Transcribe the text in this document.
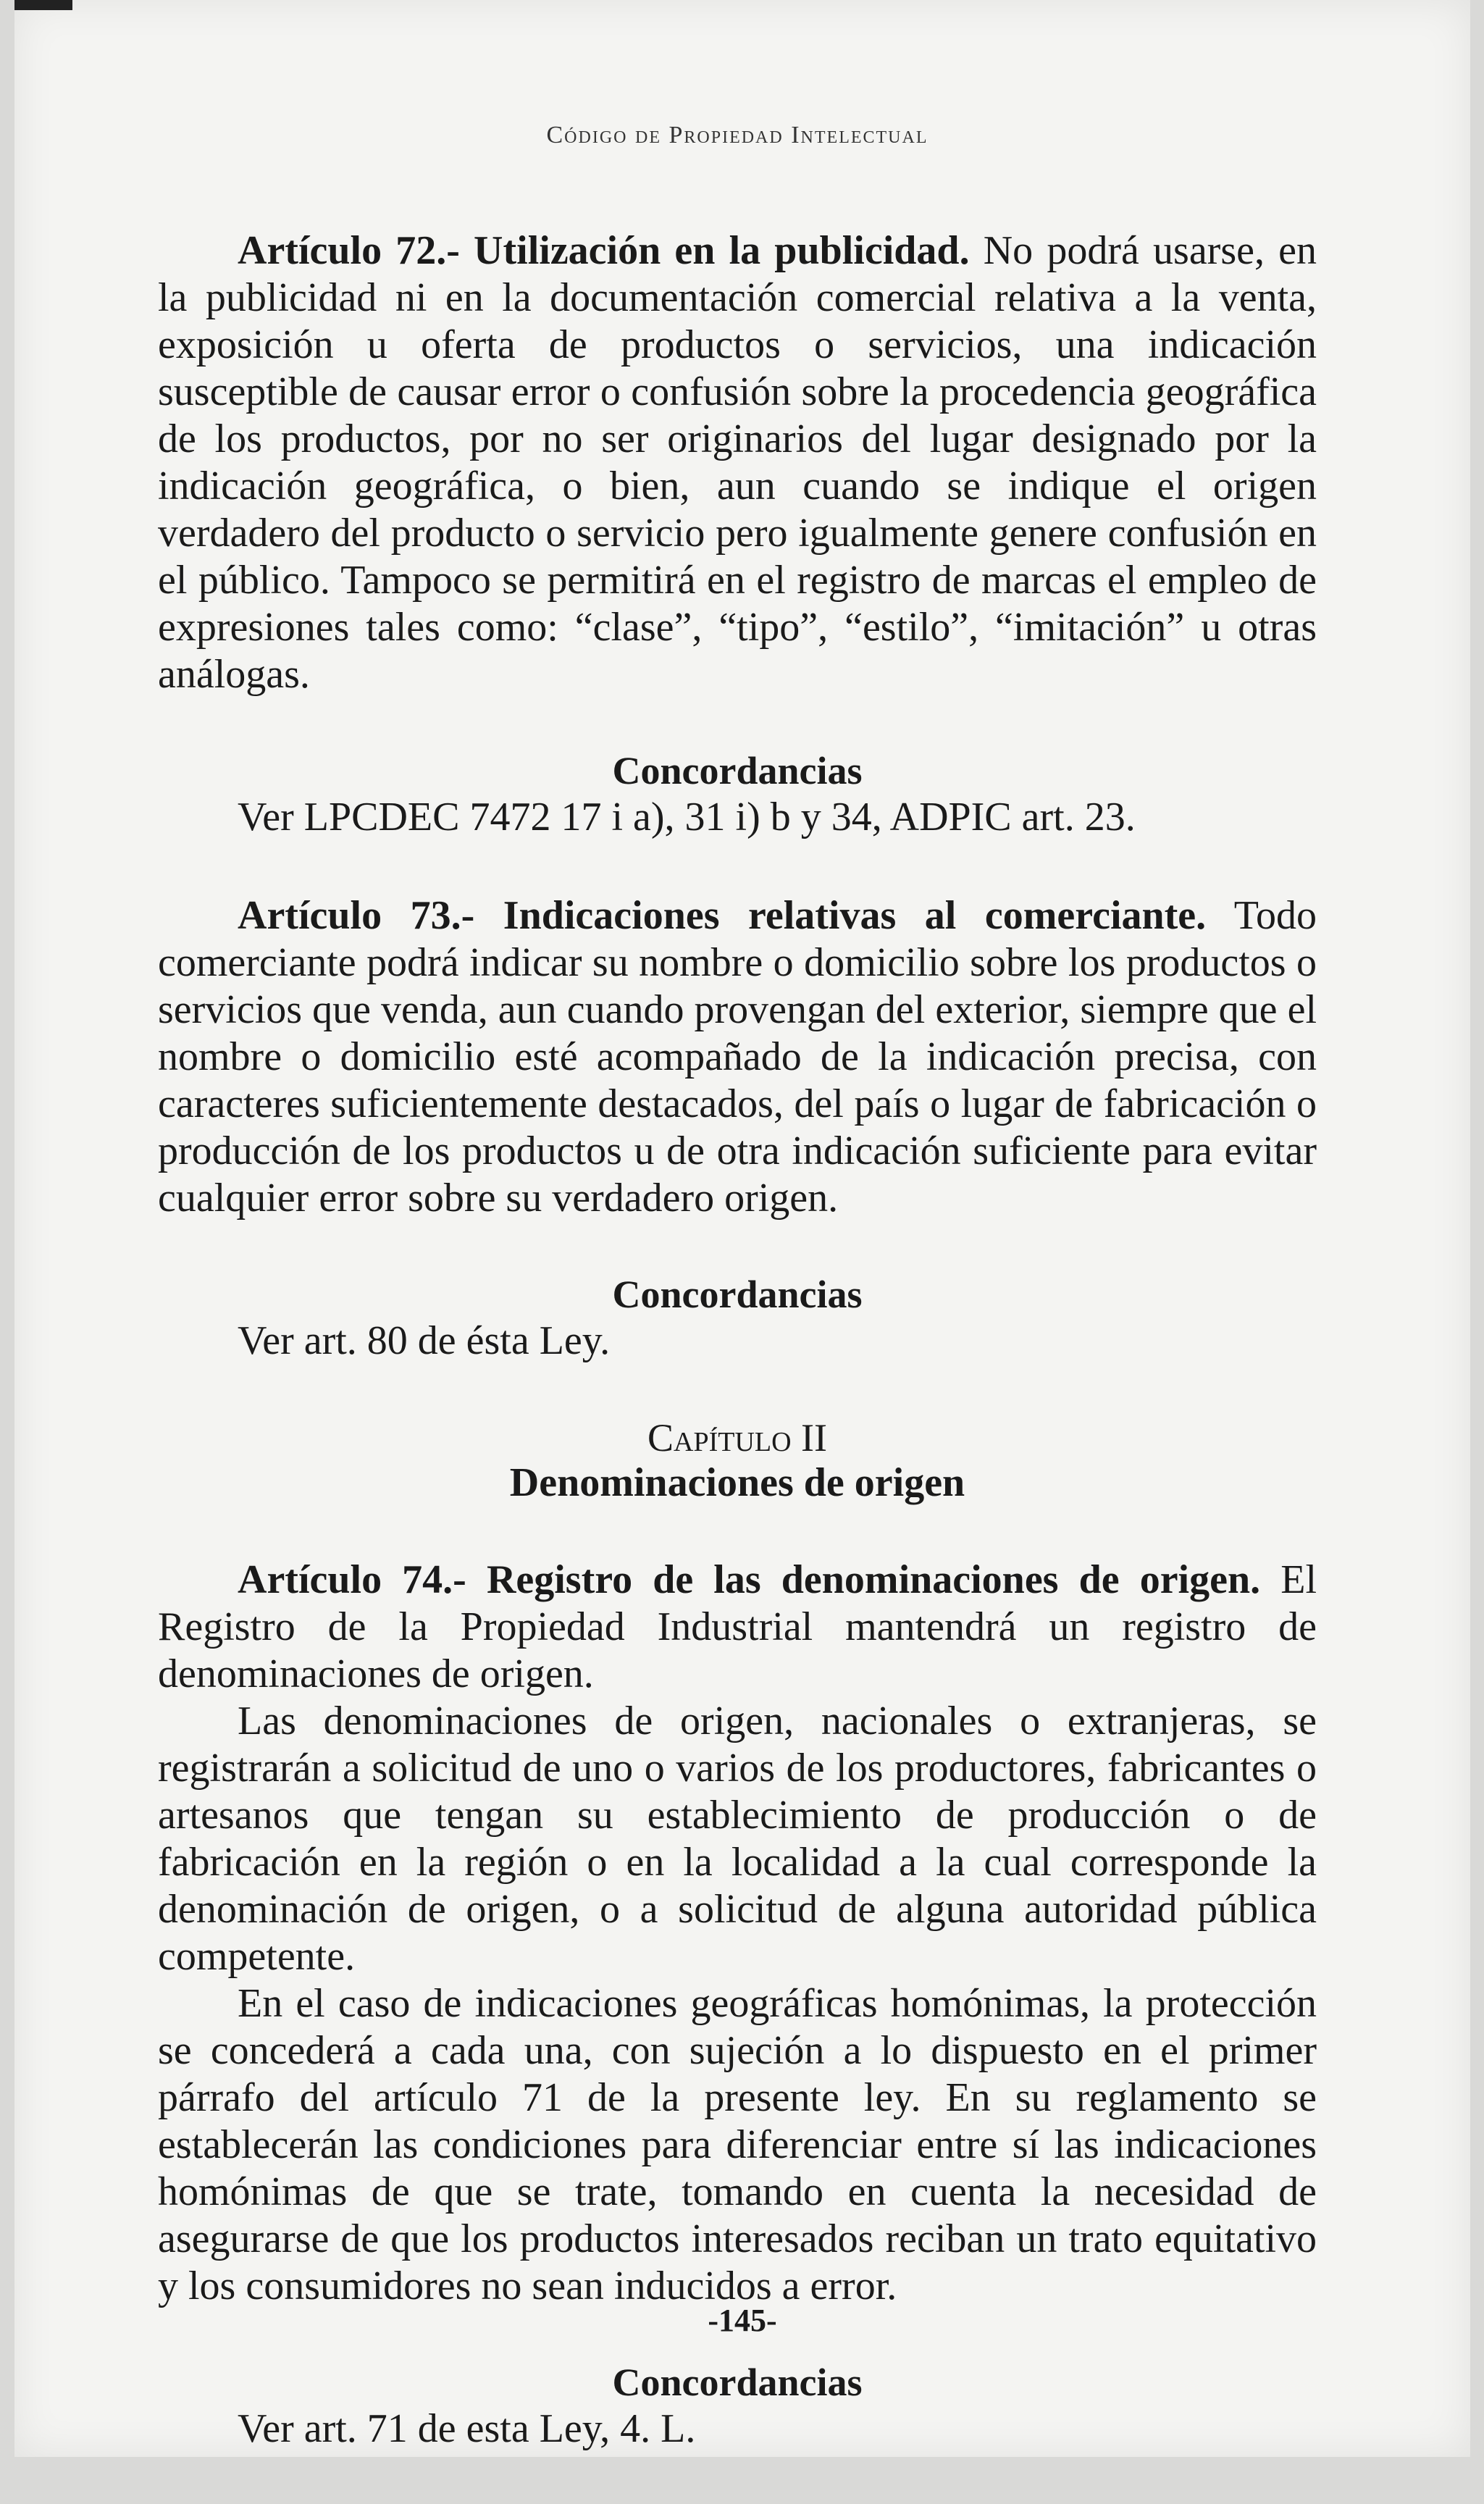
Código de Propiedad Intelectual

Artículo 72.- Utilización en la publicidad. No podrá usarse, en la publicidad ni en la documentación comercial relativa a la venta, exposición u oferta de productos o servicios, una indicación susceptible de causar error o confusión sobre la procedencia geográfica de los productos, por no ser originarios del lugar designado por la indicación geográfica, o bien, aun cuando se indique el origen verdadero del producto o servicio pero igualmente genere confusión en el público. Tampoco se permitirá en el registro de marcas el empleo de expresiones tales como: “clase”, “tipo”, “estilo”, “imitación” u otras análogas.

Concordancias
Ver LPCDEC 7472 17 i a), 31 i) b y 34, ADPIC art. 23.

Artículo 73.- Indicaciones relativas al comerciante. Todo comerciante podrá indicar su nombre o domicilio sobre los productos o servicios que venda, aun cuando provengan del exterior, siempre que el nombre o domicilio esté acompañado de la indicación precisa, con caracteres suficientemente destacados, del país o lugar de fabricación o producción de los productos u de otra indicación suficiente para evitar cualquier error sobre su verdadero origen.

Concordancias
Ver art. 80 de ésta Ley.
Capítulo II
Denominaciones de origen

Artículo 74.- Registro de las denominaciones de origen. El Registro de la Propiedad Industrial mantendrá un registro de denominaciones de origen.

Las denominaciones de origen, nacionales o extranjeras, se registrarán a solicitud de uno o varios de los productores, fabricantes o artesanos que tengan su establecimiento de producción o de fabricación en la región o en la localidad a la cual corresponde la denominación de origen, o a solicitud de alguna autoridad pública competente.

En el caso de indicaciones geográficas homónimas, la protección se concederá a cada una, con sujeción a lo dispuesto en el primer párrafo del artículo 71 de la presente ley. En su reglamento se establecerán las condiciones para diferenciar entre sí las indicaciones homónimas de que se trate, tomando en cuenta la necesidad de asegurarse de que los productos interesados reciban un trato equitativo y los consumidores no sean inducidos a error.

Concordancias
Ver art. 71 de esta Ley, 4. L.
-145-
